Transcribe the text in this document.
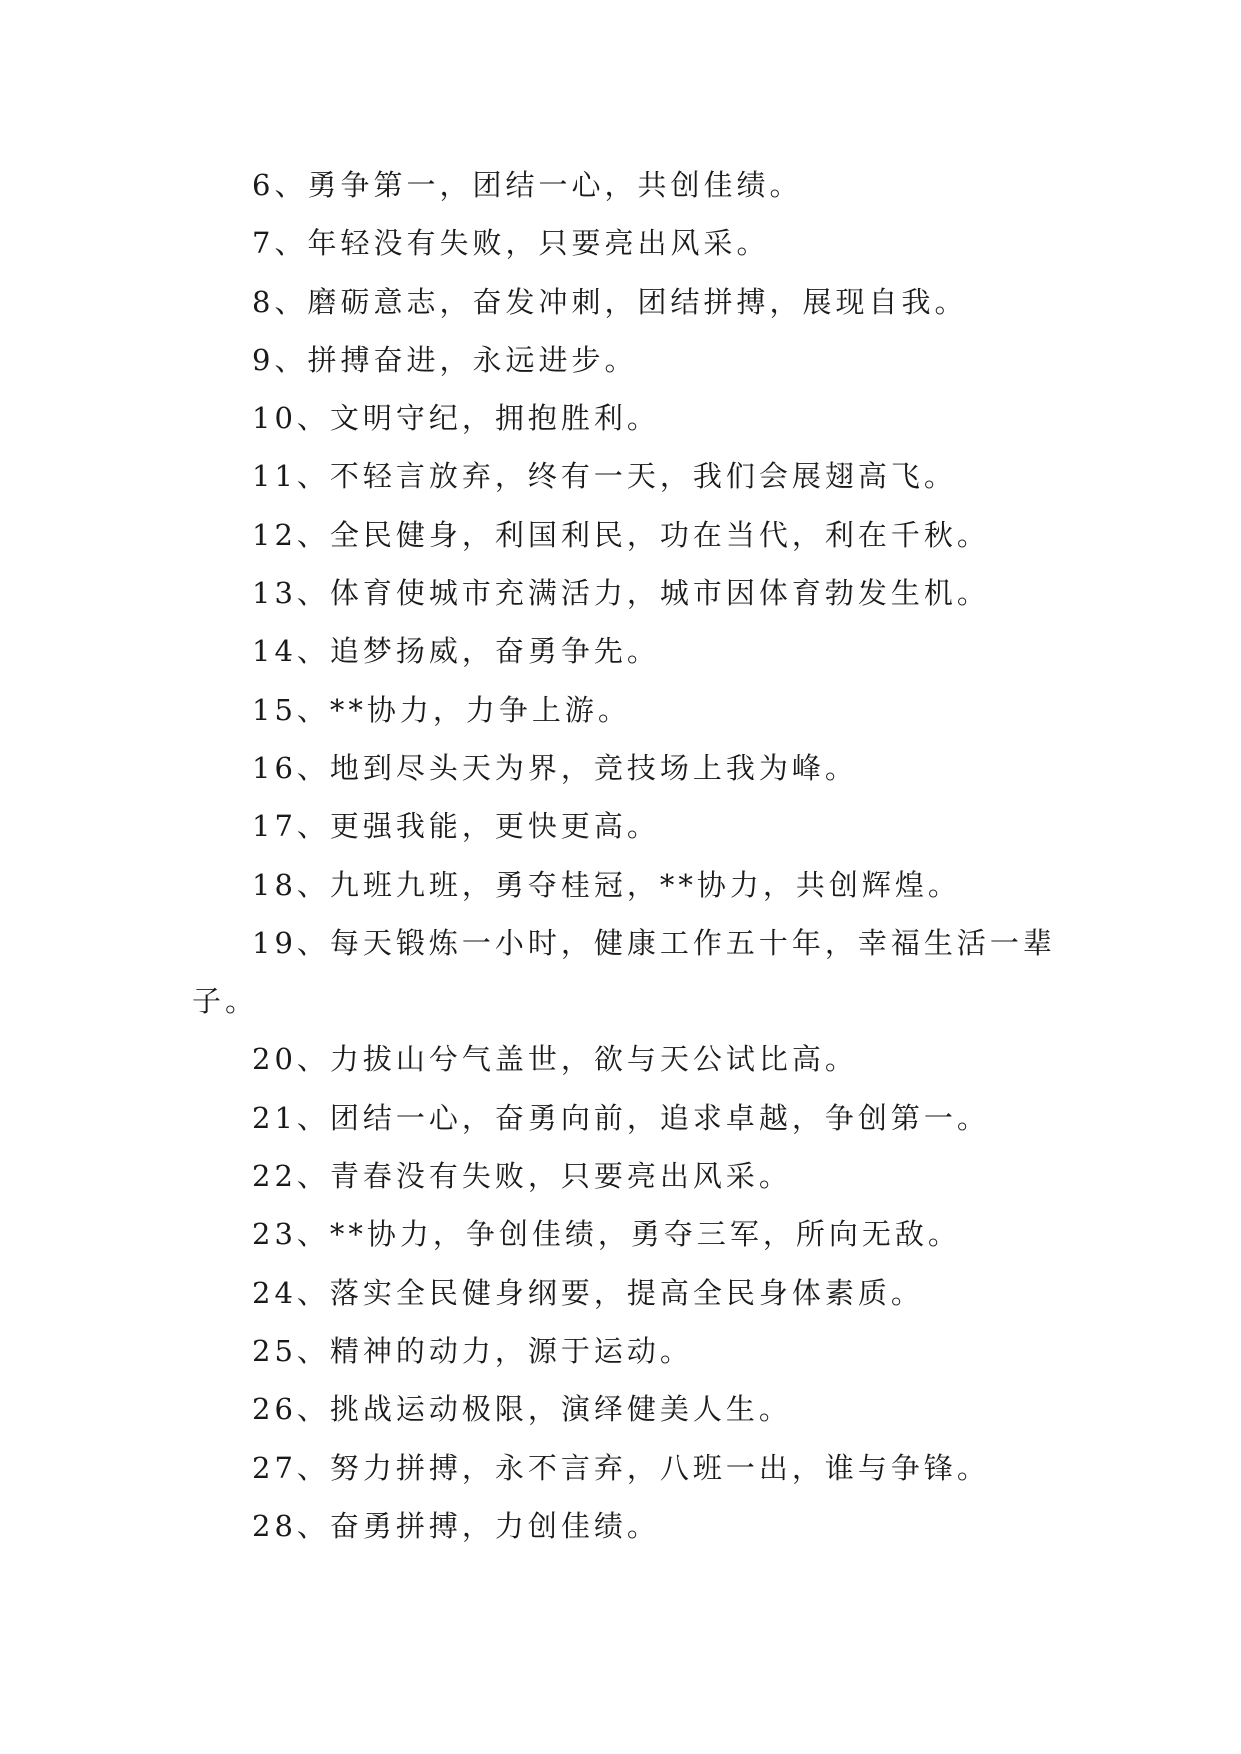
6、勇争第一，团结一心，共创佳绩。
7、年轻没有失败，只要亮出风采。
8、磨砺意志，奋发冲刺，团结拼搏，展现自我。
9、拼搏奋进，永远进步。
10、文明守纪，拥抱胜利。
11、不轻言放弃，终有一天，我们会展翅高飞。
12、全民健身，利国利民，功在当代，利在千秋。
13、体育使城市充满活力，城市因体育勃发生机。
14、追梦扬威，奋勇争先。
15、**协力，力争上游。
16、地到尽头天为界，竞技场上我为峰。
17、更强我能，更快更高。
18、九班九班，勇夺桂冠，**协力，共创辉煌。
19、每天锻炼一小时，健康工作五十年，幸福生活一辈
子。
20、力拔山兮气盖世，欲与天公试比高。
21、团结一心，奋勇向前，追求卓越，争创第一。
22、青春没有失败，只要亮出风采。
23、**协力，争创佳绩，勇夺三军，所向无敌。
24、落实全民健身纲要，提高全民身体素质。
25、精神的动力，源于运动。
26、挑战运动极限，演绎健美人生。
27、努力拼搏，永不言弃，八班一出，谁与争锋。
28、奋勇拼搏，力创佳绩。
